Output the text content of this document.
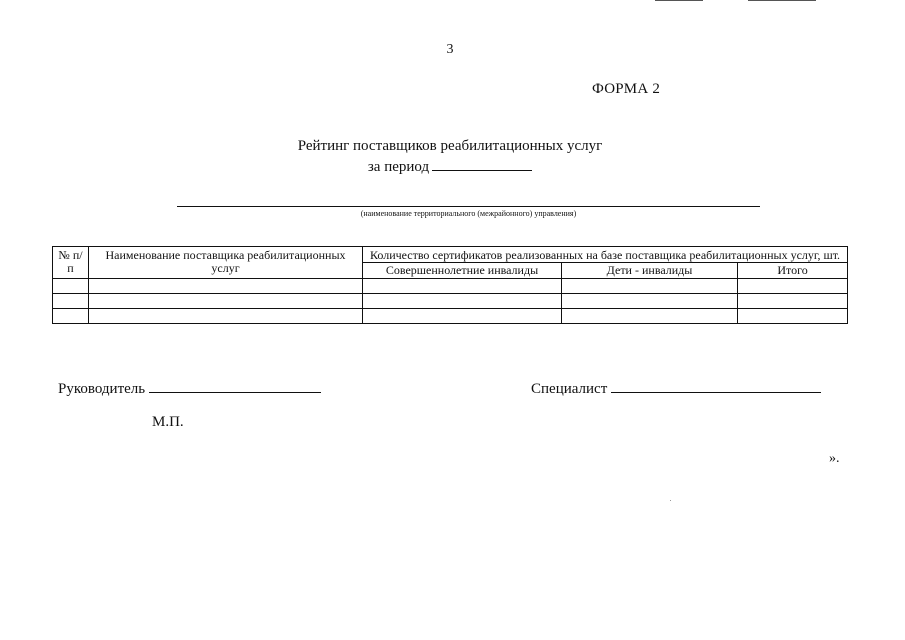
3
ФОРМА 2
Рейтинг поставщиков реабилитационных услуг
за период
(наименование территориального (межрайонного) управления)
№ п/п	Наименование поставщика реабилитационных услуг	Количество сертификатов реализованных на базе поставщика реабилитационных услуг, шт.		
		Совершеннолетние инвалиды	Дети - инвалиды	Итого

Руководитель	Специалист
М.П.
».
